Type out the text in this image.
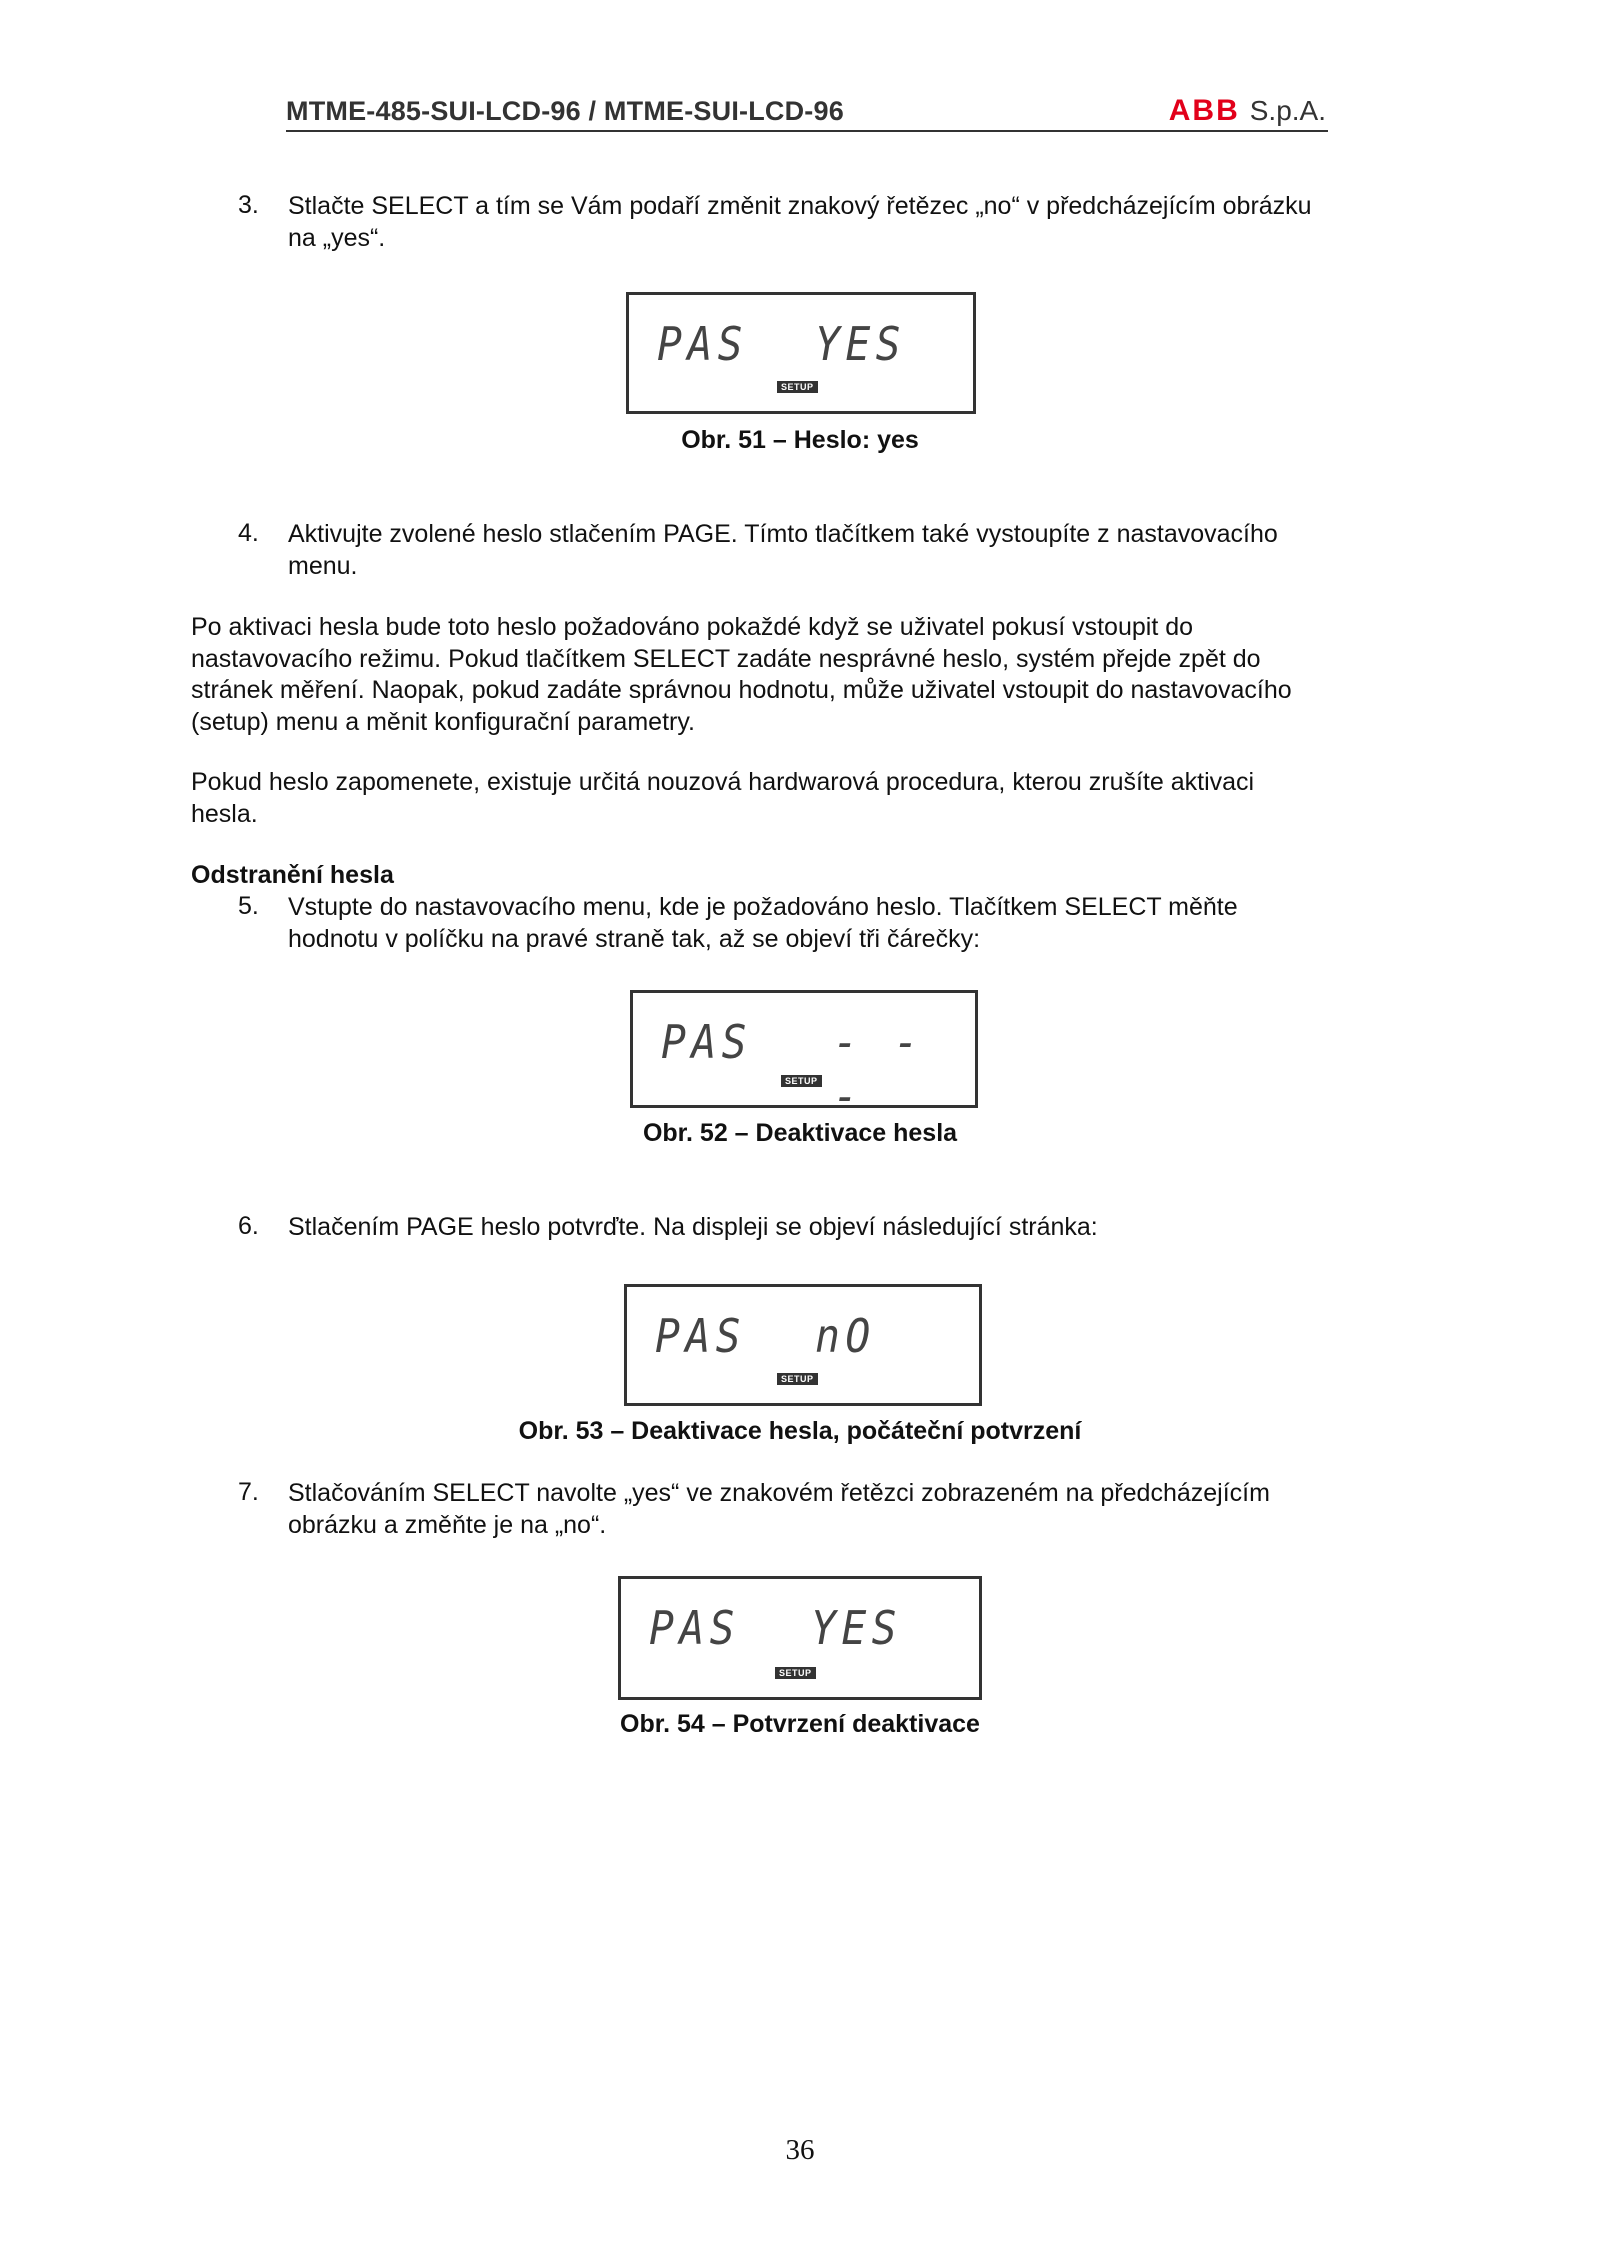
MTME-485-SUI-LCD-96 / MTME-SUI-LCD-96	ABB S.p.A.
3. Stlačte SELECT a tím se Vám podaří změnit znakový řetězec „no“ v předcházejícím obrázku
na „yes“.
PAS YES
SETUP
Obr. 51 – Heslo: yes
4. Aktivujte zvolené heslo stlačením PAGE. Tímto tlačítkem také vystoupíte z nastavovacího
menu.
Po aktivaci hesla bude toto heslo požadováno pokaždé když se uživatel pokusí vstoupit do
nastavovacího režimu. Pokud tlačítkem SELECT zadáte nesprávné heslo, systém přejde zpět do
stránek měření. Naopak, pokud zadáte správnou hodnotu, může uživatel vstoupit do nastavovacího
(setup) menu a měnit konfigurační parametry.
Pokud heslo zapomenete, existuje určitá nouzová hardwarová procedura, kterou zrušíte aktivaci
hesla.
Odstranění hesla
5. Vstupte do nastavovacího menu, kde je požadováno heslo. Tlačítkem SELECT měňte
hodnotu v políčku na pravé straně tak, až se objeví tři čárečky:
PAS - - -
SETUP
Obr. 52 – Deaktivace hesla
6. Stlačením PAGE heslo potvrďte. Na displeji se objeví následující stránka:
PAS nO
SETUP
Obr. 53 – Deaktivace hesla, počáteční potvrzení
7. Stlačováním SELECT navolte „yes“ ve znakovém řetězci zobrazeném na předcházejícím
obrázku a změňte je na „no“.
PAS YES
SETUP
Obr. 54 – Potvrzení deaktivace
36
